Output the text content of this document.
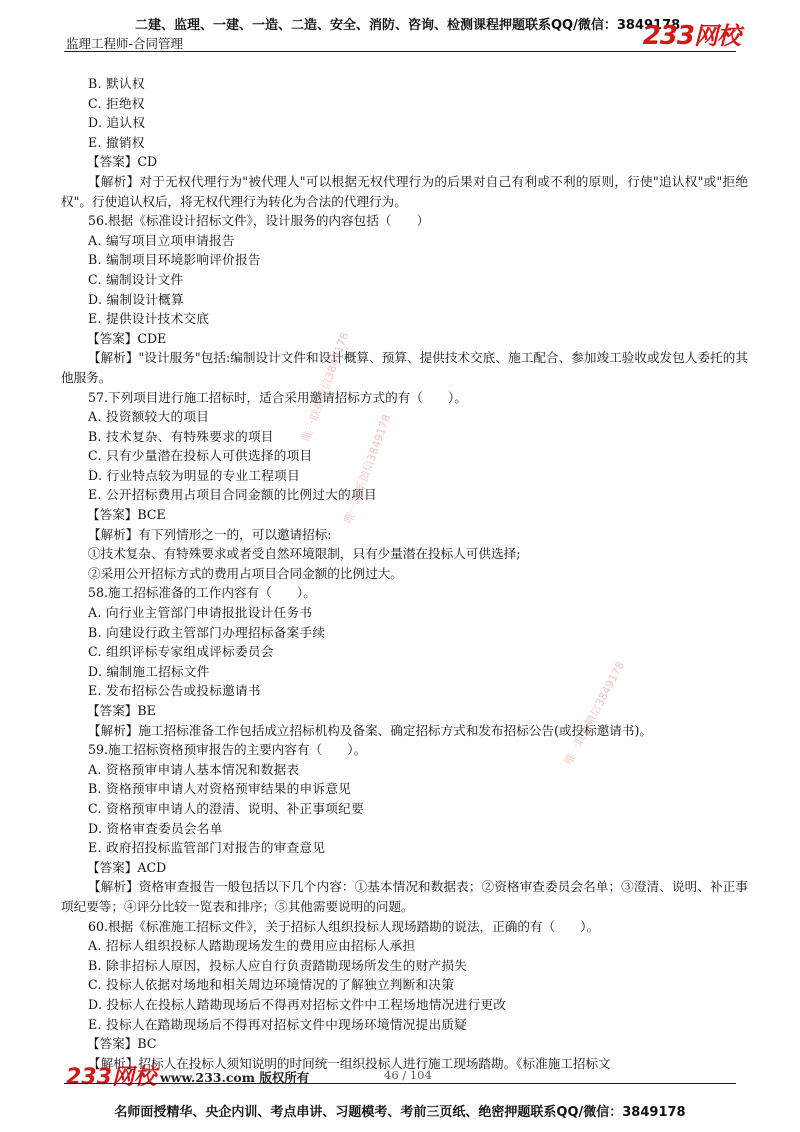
二建、监理、一建、一造、二造、安全、消防、咨询、检测课程押题联系QQ/微信：3849178
监理工程师-合同管理	233网校
B. 默认权
C. 拒绝权
D. 追认权
E. 撤销权
【答案】CD
【解析】对于无权代理行为"被代理人"可以根据无权代理行为的后果对自己有利或不利的原则，行使"追认权"或"拒绝权"。行使追认权后，将无权代理行为转化为合法的代理行为。
56.根据《标准设计招标文件》，设计服务的内容包括（　　）
A. 编写项目立项申请报告
B. 编制项目环境影响评价报告
C. 编制设计文件
D. 编制设计概算
E. 提供设计技术交底
【答案】CDE
【解析】"设计服务"包括:编制设计文件和设计概算、预算、提供技术交底、施工配合、参加竣工验收或发包人委托的其他服务。
57.下列项目进行施工招标时，适合采用邀请招标方式的有（　　）。
A. 投资额较大的项目
B. 技术复杂、有特殊要求的项目
C. 只有少量潜在投标人可供选择的项目
D. 行业特点较为明显的专业工程项目
E. 公开招标费用占项目合同金额的比例过大的项目
【答案】BCE
【解析】有下列情形之一的，可以邀请招标:
①技术复杂、有特殊要求或者受自然环境限制，只有少量潜在投标人可供选择;
②采用公开招标方式的费用占项目合同金额的比例过大。
58.施工招标准备的工作内容有（　　）。
A. 向行业主管部门申请报批设计任务书
B. 向建设行政主管部门办理招标备案手续
C. 组织评标专家组成评标委员会
D. 编制施工招标文件
E. 发布招标公告或投标邀请书
【答案】BE
【解析】施工招标准备工作包括成立招标机构及备案、确定招标方式和发布招标公告(或投标邀请书)。
59.施工招标资格预审报告的主要内容有（　　）。
A. 资格预审申请人基本情况和数据表
B. 资格预审申请人对资格预审结果的申诉意见
C. 资格预审申请人的澄清、说明、补正事项纪要
D. 资格审查委员会名单
E. 政府招投标监管部门对报告的审查意见
【答案】ACD
【解析】资格审查报告一般包括以下几个内容：①基本情况和数据表；②资格审查委员会名单；③澄清、说明、补正事项纪要等；④评分比较一览表和排序；⑤其他需要说明的问题。
60.根据《标准施工招标文件》，关于招标人组织投标人现场踏勘的说法，正确的有（　　）。
A. 招标人组织投标人踏勘现场发生的费用应由招标人承担
B. 除非招标人原因，投标人应自行负责踏勘现场所发生的财产损失
C. 投标人依据对场地和相关周边环境情况的了解独立判断和决策
D. 投标人在投标人踏勘现场后不得再对招标文件中工程场地情况进行更改
E. 投标人在踏勘现场后不得再对招标文件中现场环境情况提出质疑
【答案】BC
【解析】招标人在投标人须知说明的时间统一组织投标人进行施工现场踏勘。《标准施工招标文
唯一联系微信3849178
唯一联系微信3849178
唯一联系微信3849178
233网校 www.233.com 版权所有	46 / 104
名师面授精华、央企内训、考点串讲、习题模考、考前三页纸、绝密押题联系QQ/微信：3849178
